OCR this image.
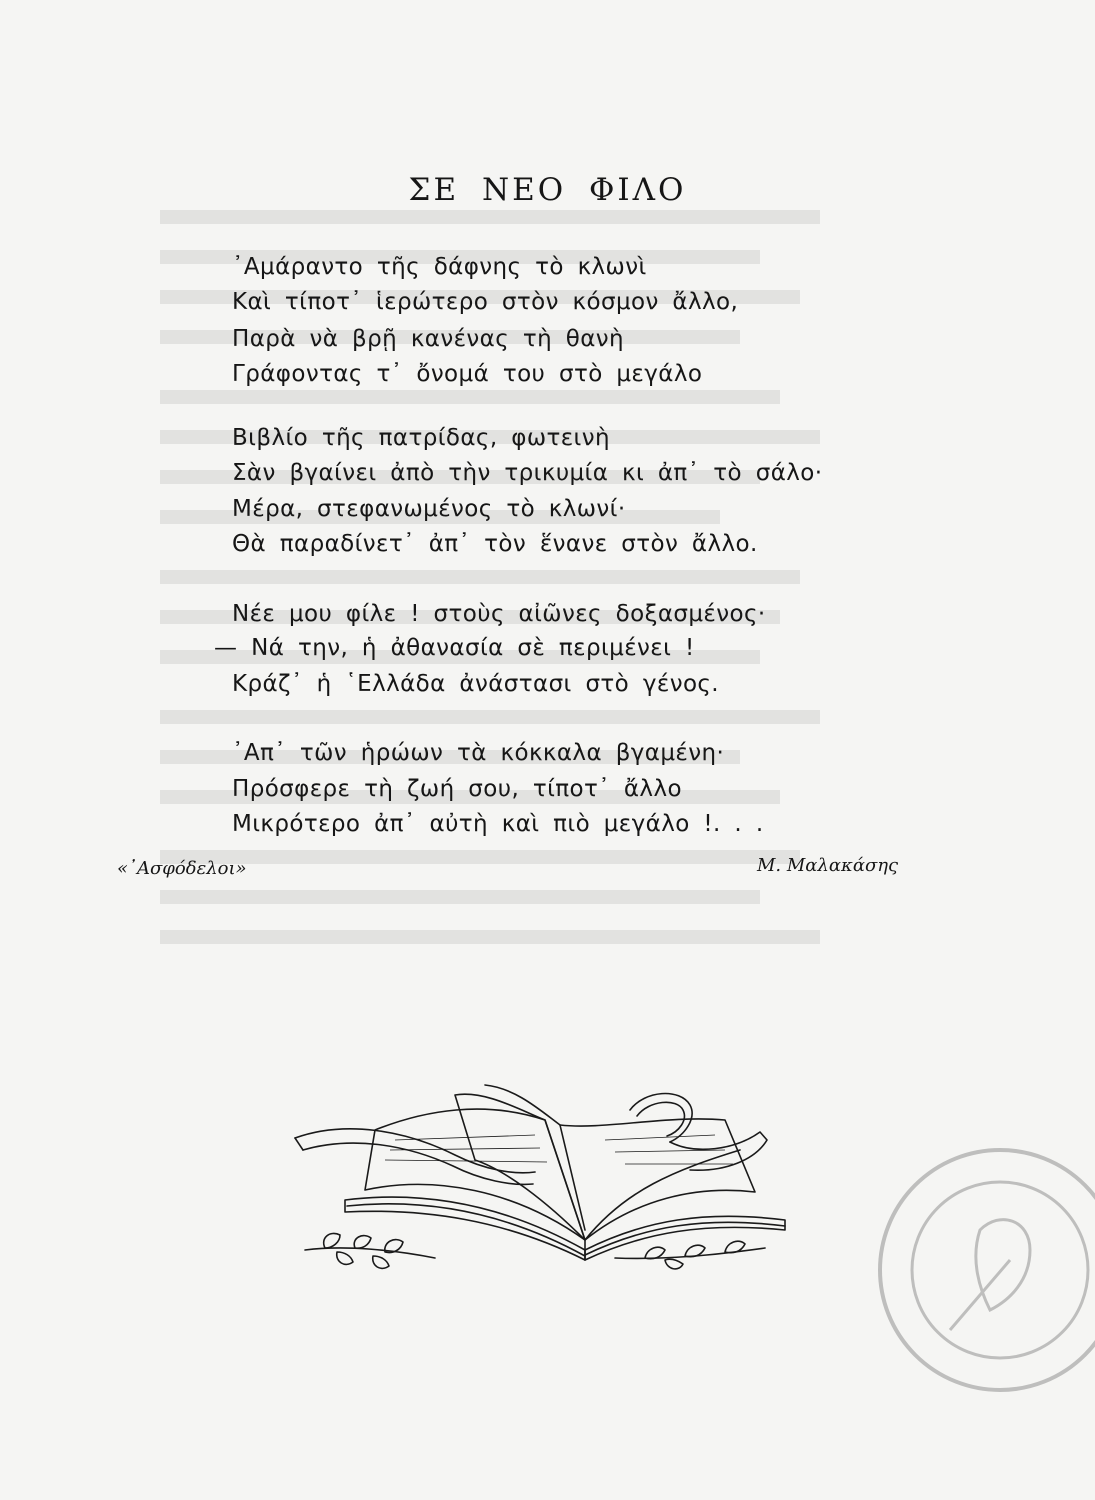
ΣΕ ΝΕΟ ΦΙΛΟ
᾿Αμάραντο τῆς δάφνης τὸ κλωνὶ
Καὶ τίποτ᾿ ἱερώτερο στὸν κόσμον ἄλλο,
Παρὰ νὰ βρῇ κανένας τὴ θανὴ
Γράφοντας τ᾿ ὄνομά του στὸ μεγάλο
Βιβλίο τῆς πατρίδας, φωτεινὴ
Σὰν βγαίνει ἀπὸ τὴν τρικυμία κι ἀπ᾿ τὸ σάλο·
Μέρα, στεφανωμένος τὸ κλωνί·
Θὰ παραδίνετ᾿ ἀπ᾿ τὸν ἕνανε στὸν ἄλλο.
Νέε μου φίλε ! στοὺς αἰῶνες δοξασμένος·
— Νά την, ἡ ἀθανασία σὲ περιμένει !
Κράζ᾿ ἡ ῾Ελλάδα ἀνάστασι στὸ γένος.
᾿Απ᾿ τῶν ἡρώων τὰ κόκκαλα βγαμένη·
Πρόσφερε τὴ ζωή σου, τίποτ᾿ ἄλλο
Μικρότερο ἀπ᾿ αὐτὴ καὶ πιὸ μεγάλο !. . .
«᾿Ασφόδελοι»	Μ. Μαλακάσης
